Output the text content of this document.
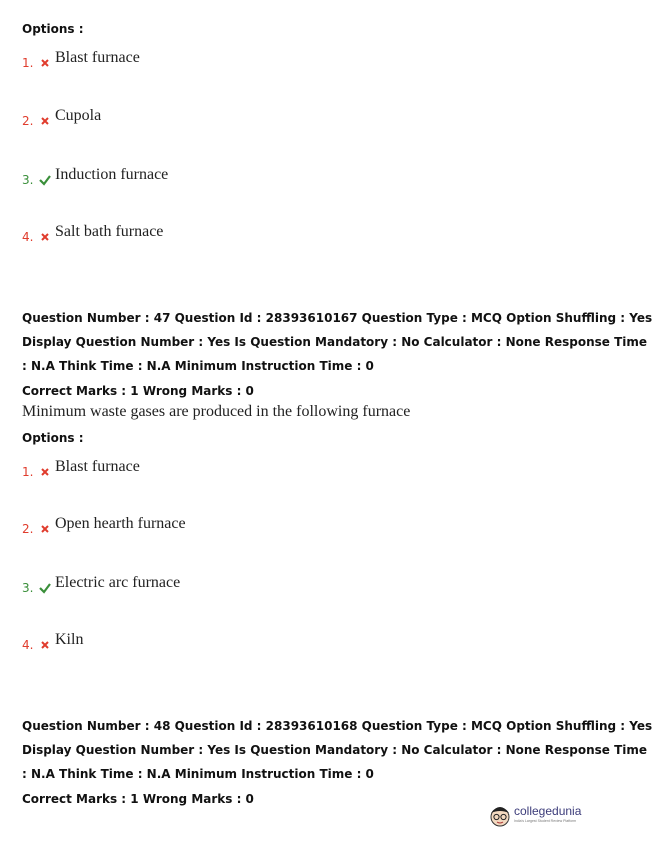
Options :
1. Blast furnace
2. Cupola
3. Induction furnace
4. Salt bath furnace
Question Number : 47 Question Id : 28393610167 Question Type : MCQ Option Shuffling : Yes
Display Question Number : Yes Is Question Mandatory : No Calculator : None Response Time
: N.A Think Time : N.A Minimum Instruction Time : 0
Correct Marks : 1 Wrong Marks : 0
Minimum waste gases are produced in the following furnace
Options :
1. Blast furnace
2. Open hearth furnace
3. Electric arc furnace
4. Kiln
Question Number : 48 Question Id : 28393610168 Question Type : MCQ Option Shuffling : Yes
Display Question Number : Yes Is Question Mandatory : No Calculator : None Response Time
: N.A Think Time : N.A Minimum Instruction Time : 0
Correct Marks : 1 Wrong Marks : 0
collegedunia
India's Largest Student Review Platform
